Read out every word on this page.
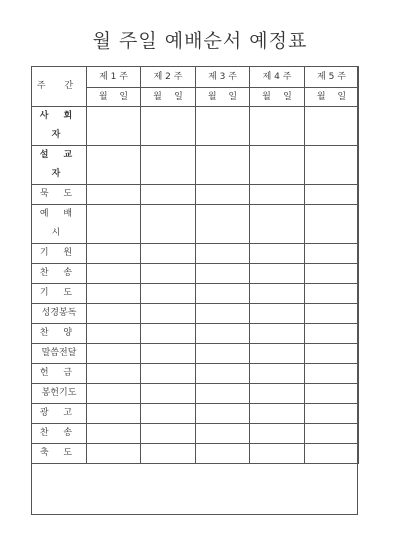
월 주일 예배순서 예정표
주 간	제 1 주	제 2 주	제 3 주	제 4 주	제 5 주

	월 일	월 일	월 일	월 일	월 일

사 회 자					
설 교 자					
묵 도					
예 배 시					
기 원					
찬 송					
기 도					
성경봉독					
찬 양					
말씀전달					
헌 금					
봉헌기도					
광 고					
찬 송					
축 도					
